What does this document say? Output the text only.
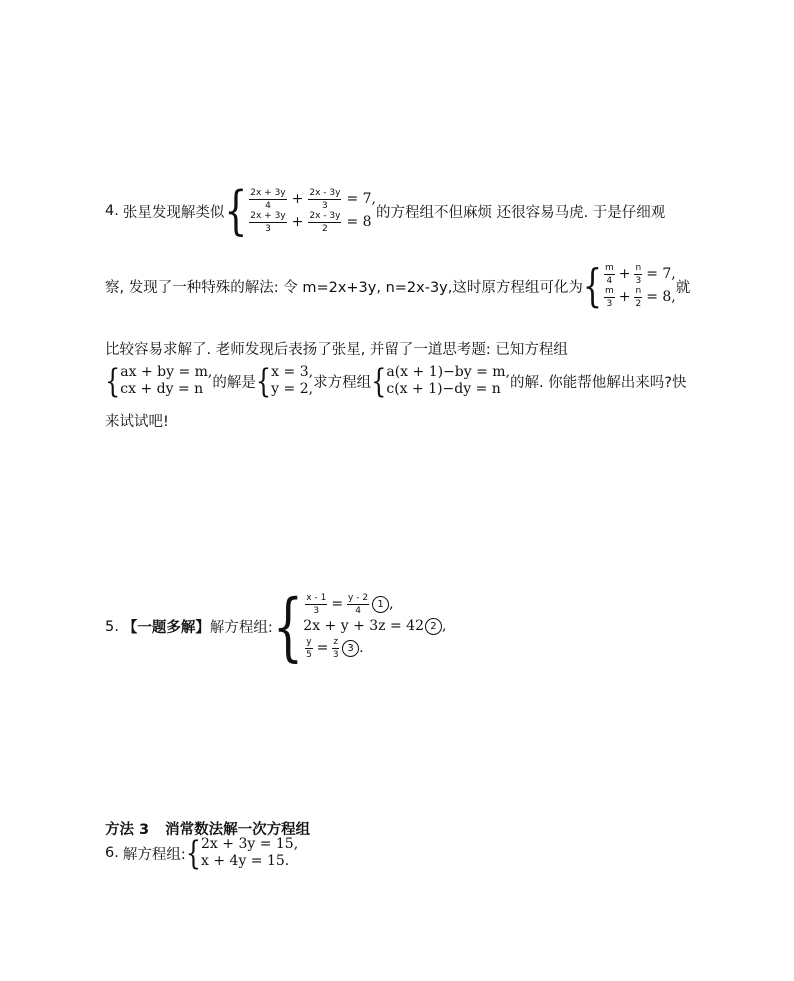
4. 张星发现解类似 { $\frac{2x + 3y}{4} + \frac{2x - 3y}{3} = 7$,
$\frac{2x + 3y}{3} + \frac{2x - 3y}{2} = 8$
的方程组不但麻烦 还很容易马虎. 于是仔细观
察, 发现了一种特殊的解法: 令 m=2x+3y, n=2x-3y,这时原方程组可化为 { $\frac{m}{4} + \frac{n}{3} = 7$,
$\frac{m}{3} + \frac{n}{2} = 8$,
就
比较容易求解了. 老师发现后表扬了张星, 并留了一道思考题: 已知方程组
{ ax + by = m,
cx + dy = n 的解是 { x = 3,
y = 2, 求方程组 { a(x + 1)−by = m,
c(x + 1)−dy = n 的解. 你能帮他解出来吗?快
来试试吧!
5. 【一题多解】 解方程组: { $\frac{x - 1}{3} = \frac{y - 2}{4} 1$ ,
2x + y + 3z = 42 2 ,
$\frac{y}{5} = \frac{z}{3} 3$ .
方法 3 消常数法解一次方程组
6. 解方程组: { 2x + 3y = 15,
x + 4y = 15.
